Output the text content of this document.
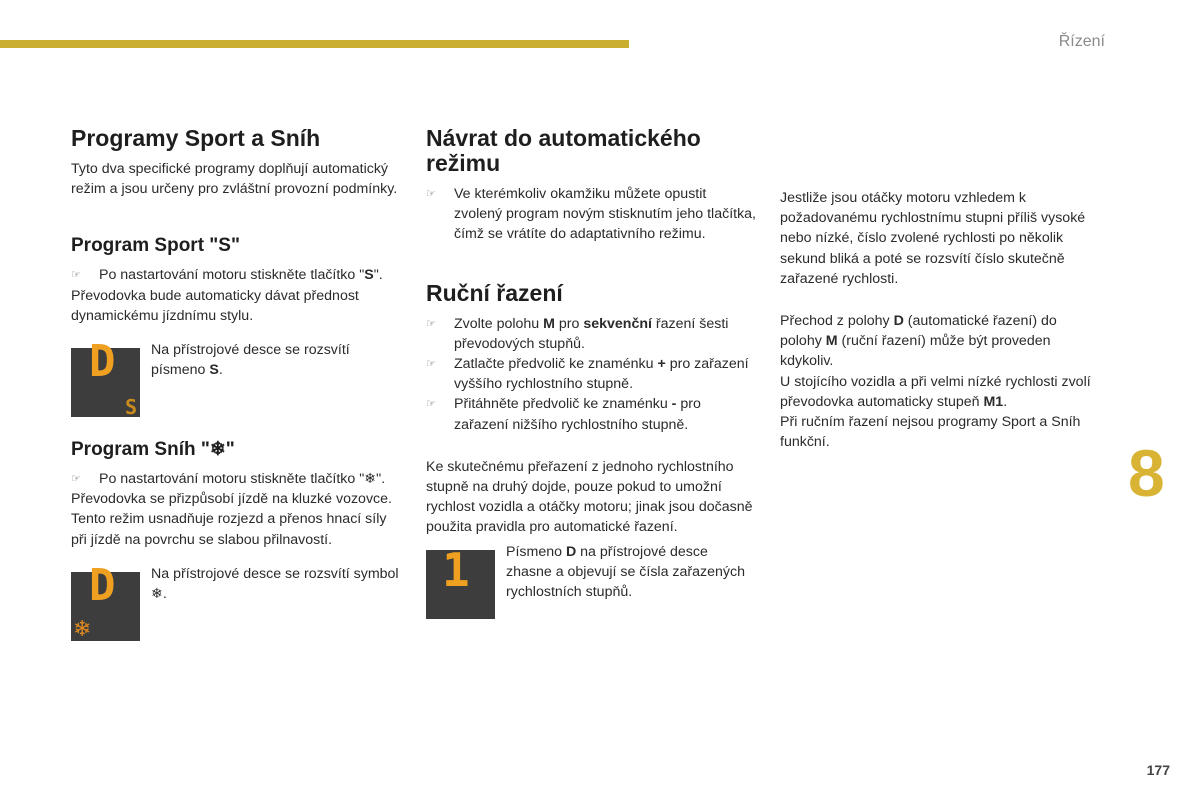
Řízení
8
177
Programy Sport a Sníh

Tyto dva specifické programy doplňují automatický režim a jsou určeny pro zvláštní provozní podmínky.

Program Sport "S"
☞ Po nastartování motoru stiskněte tlačítko "S".

Převodovka bude automaticky dávat přednost dynamickému jízdnímu stylu.

D
S
Na přístrojové desce se rozsvítí písmeno S.
Program Sníh "❄"
☞ Po nastartování motoru stiskněte tlačítko "❄".

Převodovka se přizpůsobí jízdě na kluzké vozovce.

Tento režim usnadňuje rozjezd a přenos hnací síly při jízdě na povrchu se slabou přilnavostí.

D
❄
Na přístrojové desce se rozsvítí symbol ❄.
Návrat do automatického režimu
☞ Ve kterémkoliv okamžiku můžete opustit zvolený program novým stisknutím jeho tlačítka, čímž se vrátíte do adaptativního režimu.
Ruční řazení
☞ Zvolte polohu M pro sekvenční řazení šesti převodových stupňů.
☞ Zatlačte předvolič ke znaménku + pro zařazení vyššího rychlostního stupně.
☞ Přitáhněte předvolič ke znaménku - pro zařazení nižšího rychlostního stupně.

Ke skutečnému přeřazení z jednoho rychlostního stupně na druhý dojde, pouze pokud to umožní rychlost vozidla a otáčky motoru; jinak jsou dočasně použita pravidla pro automatické řazení.

1	Písmeno D na přístrojové desce zhasne a objevují se čísla zařazených rychlostních stupňů.

Jestliže jsou otáčky motoru vzhledem k požadovanému rychlostnímu stupni příliš vysoké nebo nízké, číslo zvolené rychlosti po několik sekund bliká a poté se rozsvítí číslo skutečně zařazené rychlosti.

Přechod z polohy D (automatické řazení) do polohy M (ruční řazení) může být proveden kdykoliv.

U stojícího vozidla a při velmi nízké rychlosti zvolí převodovka automaticky stupeň M1.

Při ručním řazení nejsou programy Sport a Sníh funkční.
